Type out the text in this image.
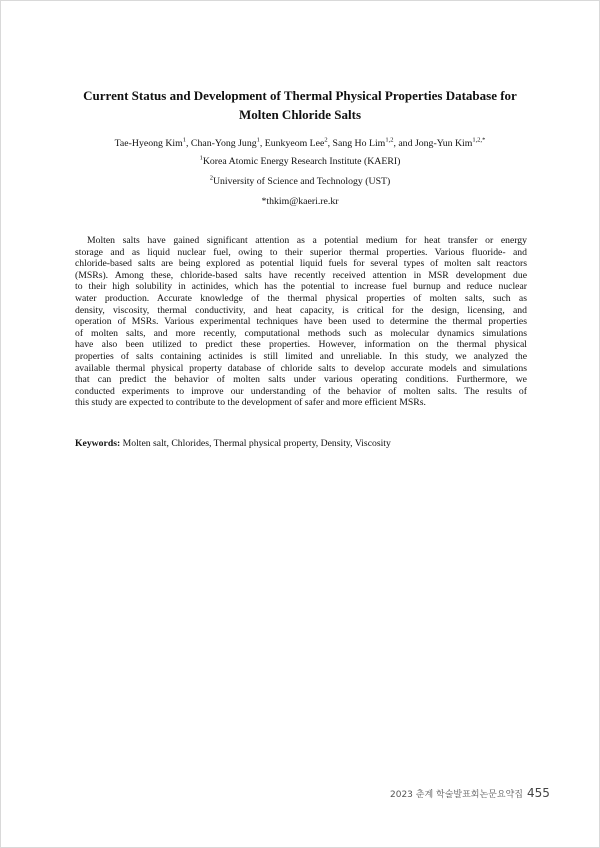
Current Status and Development of Thermal Physical Properties Database for
Molten Chloride Salts
Tae-Hyeong Kim$^1$, Chan-Yong Jung$^1$, Eunkyeom Lee$^2$, Sang Ho Lim$^{1,2}$, and Jong-Yun Kim$^{1,2,*}$
$^1$Korea Atomic Energy Research Institute (KAERI)
$^2$University of Science and Technology (UST)
*thkim@kaeri.re.kr

Molten salts have gained significant attention as a potential medium for heat transfer or energy
storage and as liquid nuclear fuel, owing to their superior thermal properties. Various fluoride- and
chloride-based salts are being explored as potential liquid fuels for several types of molten salt reactors
(MSRs). Among these, chloride-based salts have recently received attention in MSR development due
to their high solubility in actinides, which has the potential to increase fuel burnup and reduce nuclear
water production. Accurate knowledge of the thermal physical properties of molten salts, such as
density, viscosity, thermal conductivity, and heat capacity, is critical for the design, licensing, and
operation of MSRs. Various experimental techniques have been used to determine the thermal properties
of molten salts, and more recently, computational methods such as molecular dynamics simulations
have also been utilized to predict these properties. However, information on the thermal physical
properties of salts containing actinides is still limited and unreliable. In this study, we analyzed the
available thermal physical property database of chloride salts to develop accurate models and simulations
that can predict the behavior of molten salts under various operating conditions. Furthermore, we
conducted experiments to improve our understanding of the behavior of molten salts. The results of
this study are expected to contribute to the development of safer and more efficient MSRs.

Keywords: Molten salt, Chlorides, Thermal physical property, Density, Viscosity
2023 춘계 학술발표회논문요약집 455
